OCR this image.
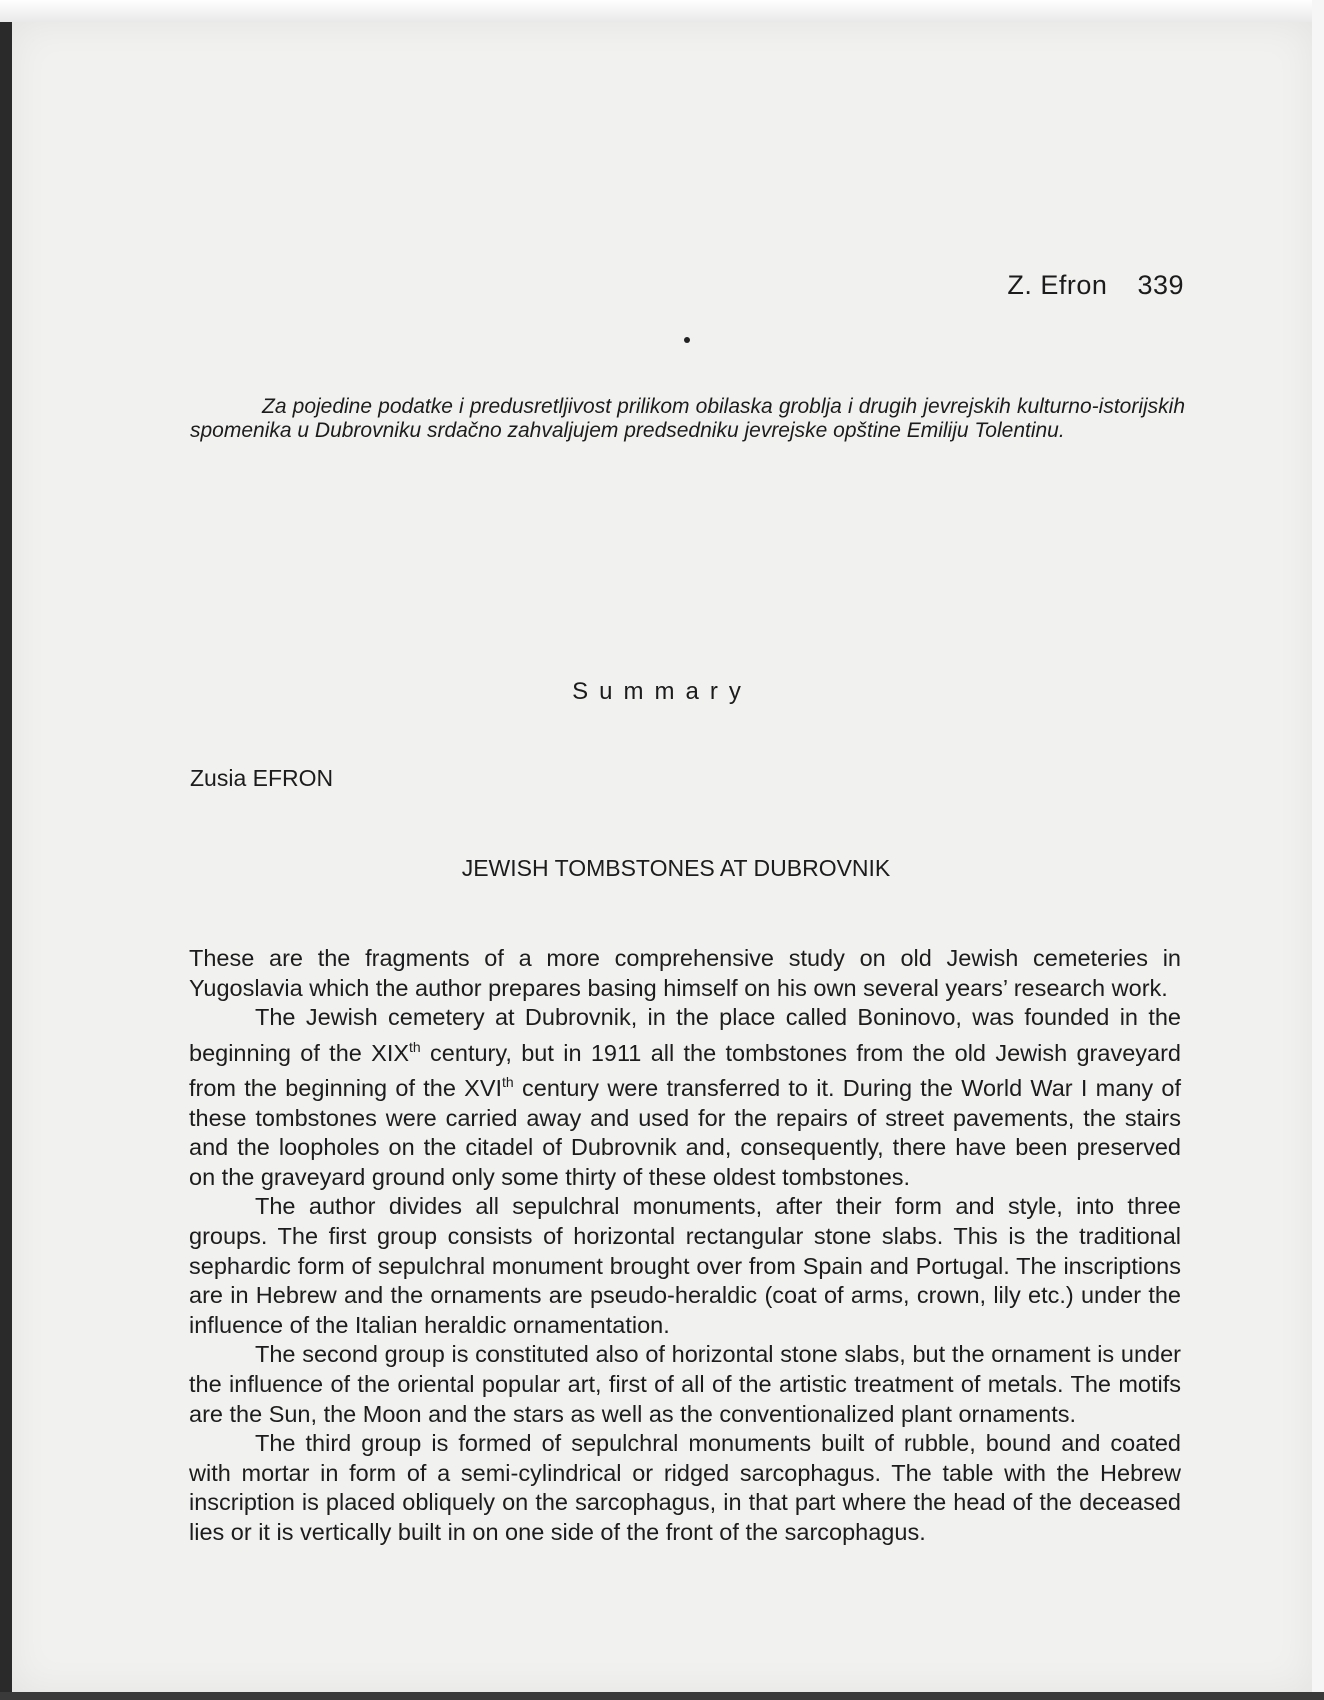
Z. Efron 339

Za pojedine podatke i predusretljivost prilikom obilaska groblja i drugih jevrejskih kulturno-istorijskih spomenika u Dubrovniku srdačno zahvaljujem predsedniku jevrejske opštine Emiliju Tolentinu.

Summary
Zusia EFRON
JEWISH TOMBSTONES AT DUBROVNIK

These are the fragments of a more comprehensive study on old Jewish cemeteries in Yugoslavia which the author prepares basing himself on his own several years’ research work.

The Jewish cemetery at Dubrovnik, in the place called Boninovo, was founded in the beginning of the XIXth century, but in 1911 all the tombstones from the old Jewish graveyard from the beginning of the XVIth century were transferred to it. During the World War I many of these tombstones were carried away and used for the repairs of street pavements, the stairs and the loopholes on the citadel of Dubrovnik and, consequently, there have been preserved on the graveyard ground only some thirty of these oldest tombstones.

The author divides all sepulchral monuments, after their form and style, into three groups. The first group consists of horizontal rectangular stone slabs. This is the traditional sephardic form of sepulchral monument brought over from Spain and Portugal. The inscriptions are in Hebrew and the ornaments are pseudo-heraldic (coat of arms, crown, lily etc.) under the influence of the Italian heraldic ornamentation.

The second group is constituted also of horizontal stone slabs, but the ornament is under the influence of the oriental popular art, first of all of the artistic treatment of metals. The motifs are the Sun, the Moon and the stars as well as the conventionalized plant ornaments.

The third group is formed of sepulchral monuments built of rubble, bound and coated with mortar in form of a semi-cylindrical or ridged sarcophagus. The table with the Hebrew inscription is placed obliquely on the sarcophagus, in that part where the head of the deceased lies or it is vertically built in on one side of the front of the sarcophagus.
